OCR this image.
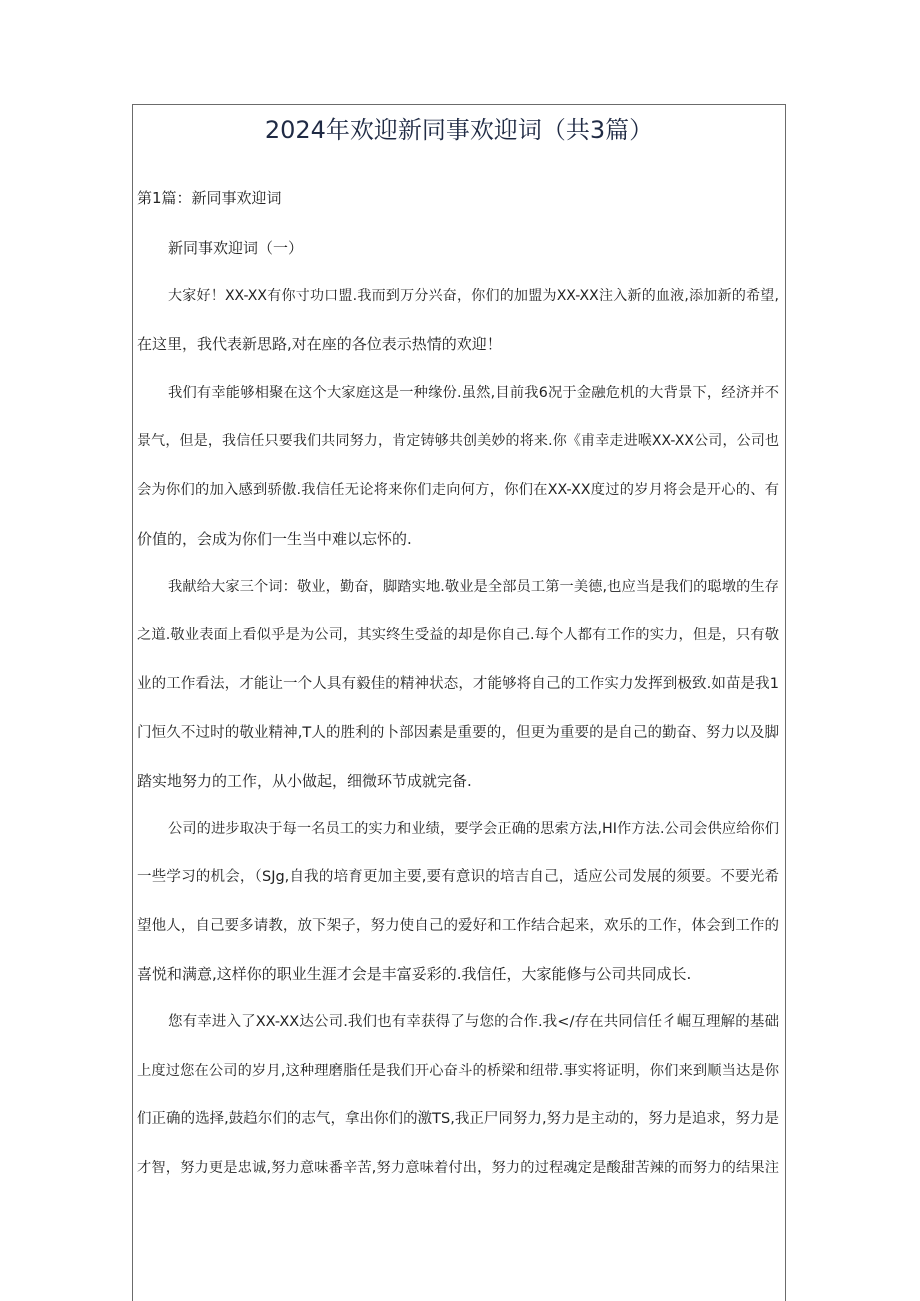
2024年欢迎新同事欢迎词（共3篇）

第1篇：新同事欢迎词

新同事欢迎词（一）

大家好！XX-XX有你寸功口盟.我而到万分兴奋，你们的加盟为XX-XX注入新的血液,添加新的希望,
在这里，我代表新思路,对在座的各位表示热情的欢迎！
我们有幸能够相聚在这个大家庭这是一种缘份.虽然,目前我6况于金融危机的大背景下，经济并不
景气，但是，我信任只要我们共同努力，肯定铸够共创美妙的将来.你《甫幸走进喉XX-XX公司，公司也
会为你们的加入感到骄傲.我信任无论将来你们走向何方，你们在XX-XX度过的岁月将会是开心的、有
价值的，会成为你们一生当中难以忘怀的.
我献给大家三个词：敬业，勤奋，脚踏实地.敬业是全部员工第一美德,也应当是我们的聪墩的生存
之道.敬业表面上看似乎是为公司，其实终生受益的却是你自己.每个人都有工作的实力，但是，只有敬
业的工作看法，才能让一个人具有毅佳的精神状态，才能够将自己的工作实力发挥到极致.如苗是我1
门恒久不过时的敬业精神,T人的胜利的卜部因素是重要的，但更为重要的是自己的勤奋、努力以及脚
踏实地努力的工作，从小做起，细微环节成就完备.
公司的进步取决于每一名员工的实力和业绩，要学会正确的思索方法,HI作方法.公司会供应给你们
一些学习的机会，（SJg,自我的培育更加主要,要有意识的培吉自己，适应公司发展的须要。不要光希
望他人，自己要多请教，放下架子，努力使自己的爱好和工作结合起来，欢乐的工作，体会到工作的
喜悦和满意,这样你的职业生涯才会是丰富妥彩的.我信任，大家能修与公司共同成长.
您有幸进入了XX-XX达公司.我们也有幸获得了与您的合作.我</存在共同信任彳崛互理解的基础
上度过您在公司的岁月,这种理磨脂任是我们开心奋斗的桥梁和纽带.事实将证明，你们来到顺当达是你
们正确的选择,鼓趋尔们的志气，拿出你们的激TS,我正尸同努力,努力是主动的，努力是追求，努力是
才智，努力更是忠诚,努力意味番辛苦,努力意味着付出，努力的过程魂定是酸甜苦辣的而努力的结果注
